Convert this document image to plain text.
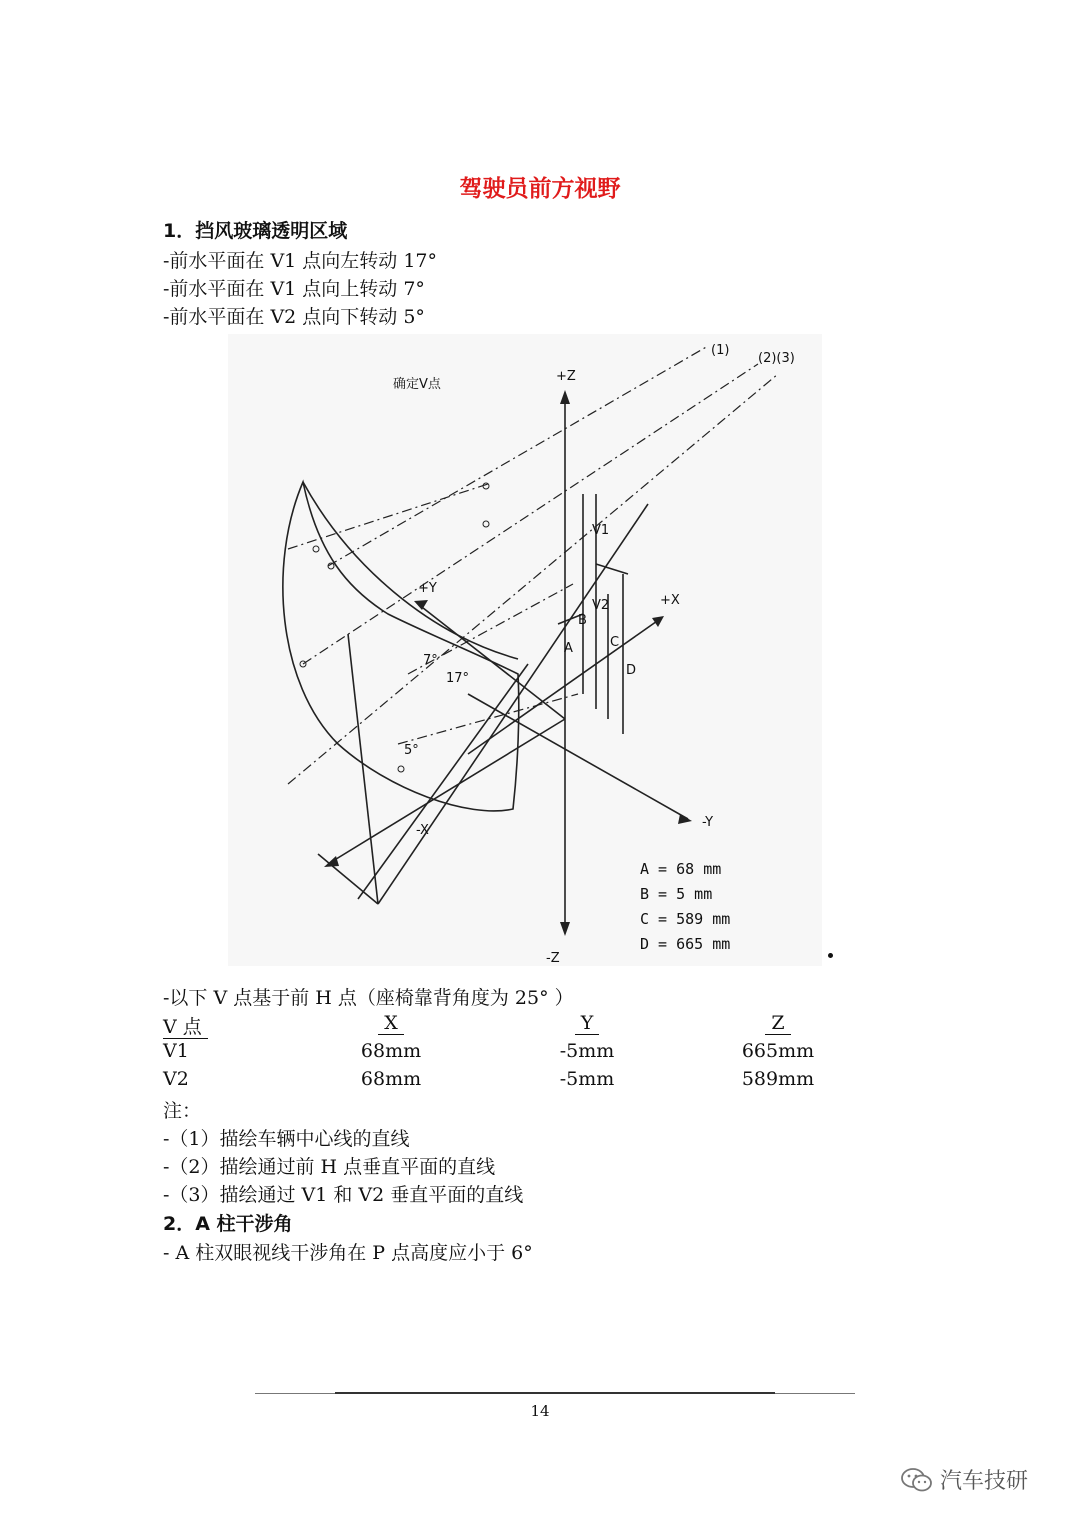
驾驶员前方视野
1．挡风玻璃透明区域
-前水平面在 V1 点向左转动 17°
-前水平面在 V1 点向上转动 7°
-前水平面在 V2 点向下转动 5°
确定V点
+Z
-Z
+X
-X
+Y
-Y
(1)
(2)(3)
V1
V2
A
B
C
D
17°
7°
5°
A = 68 mm
B = 5 mm
C = 589 mm
D = 665 mm
-以下 V 点基于前 H 点（座椅靠背角度为 25° ）
V 点	X	Y	Z
V1	68mm	-5mm	665mm
V2	68mm	-5mm	589mm
注：
-（1）描绘车辆中心线的直线
-（2）描绘通过前 H 点垂直平面的直线
-（3）描绘通过 V1 和 V2 垂直平面的直线
2．A 柱干涉角
- A 柱双眼视线干涉角在 P 点高度应小于 6°
14
汽车技研
